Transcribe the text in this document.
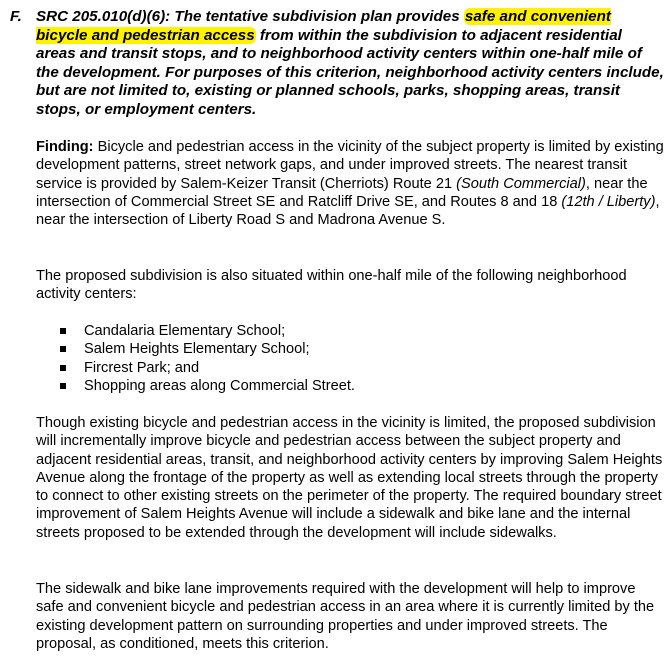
F. SRC 205.010(d)(6): The tentative subdivision plan provides safe and convenient bicycle and pedestrian access from within the subdivision to adjacent residential areas and transit stops, and to neighborhood activity centers within one-half mile of the development. For purposes of this criterion, neighborhood activity centers include, but are not limited to, existing or planned schools, parks, shopping areas, transit stops, or employment centers.
Finding: Bicycle and pedestrian access in the vicinity of the subject property is limited by existing development patterns, street network gaps, and under improved streets. The nearest transit service is provided by Salem-Keizer Transit (Cherriots) Route 21 (South Commercial), near the intersection of Commercial Street SE and Ratcliff Drive SE, and Routes 8 and 18 (12th / Liberty), near the intersection of Liberty Road S and Madrona Avenue S.
The proposed subdivision is also situated within one-half mile of the following neighborhood activity centers:
Candalaria Elementary School;
Salem Heights Elementary School;
Fircrest Park; and
Shopping areas along Commercial Street.
Though existing bicycle and pedestrian access in the vicinity is limited, the proposed subdivision will incrementally improve bicycle and pedestrian access between the subject property and adjacent residential areas, transit, and neighborhood activity centers by improving Salem Heights Avenue along the frontage of the property as well as extending local streets through the property to connect to other existing streets on the perimeter of the property. The required boundary street improvement of Salem Heights Avenue will include a sidewalk and bike lane and the internal streets proposed to be extended through the development will include sidewalks.
The sidewalk and bike lane improvements required with the development will help to improve safe and convenient bicycle and pedestrian access in an area where it is currently limited by the existing development pattern on surrounding properties and under improved streets. The proposal, as conditioned, meets this criterion.
